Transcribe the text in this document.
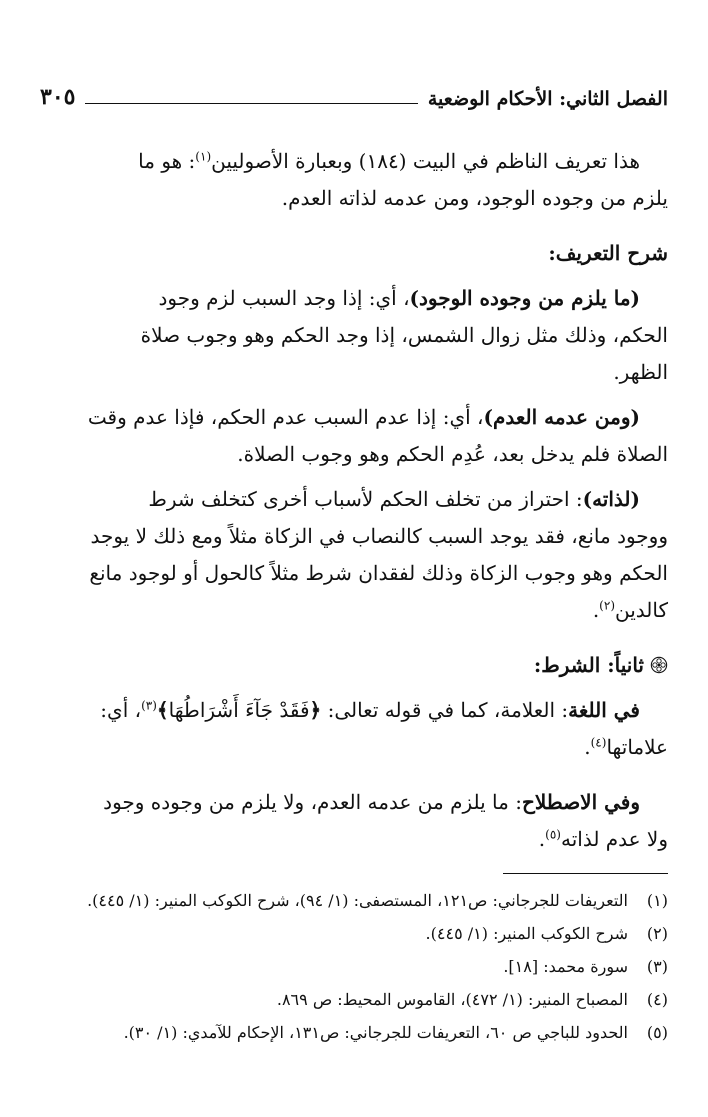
الفصل الثاني: الأحكام الوضعية
٣٠٥

هذا تعريف الناظم في البيت (١٨٤) وبعبارة الأصوليين$^{(١)}$: هو ما

يلزم من وجوده الوجود، ومن عدمه لذاته العدم.

شرح التعريف:

(ما يلزم من وجوده الوجود)، أي: إذا وجد السبب لزم وجود

الحكم، وذلك مثل زوال الشمس، إذا وجد الحكم وهو وجوب صلاة

الظهر.

(ومن عدمه العدم)، أي: إذا عدم السبب عدم الحكم، فإذا عدم وقت

الصلاة فلم يدخل بعد، عُدِم الحكم وهو وجوب الصلاة.

(لذاته): احتراز من تخلف الحكم لأسباب أخرى كتخلف شرط

ووجود مانع، فقد يوجد السبب كالنصاب في الزكاة مثلاً ومع ذلك لا يوجد

الحكم وهو وجوب الزكاة وذلك لفقدان شرط مثلاً كالحول أو لوجود مانع

كالدين$^{(٢)}$.

ثانياً: الشرط:

في اللغة: العلامة، كما في قوله تعالى: ﴿فَقَدْ جَآءَ أَشْرَاطُهَا﴾$^{(٣)}$، أي:

علاماتها$^{(٤)}$.

وفي الاصطلاح: ما يلزم من عدمه العدم، ولا يلزم من وجوده وجود

ولا عدم لذاته$^{(٥)}$.

(١)
التعريفات للجرجاني: ص١٢١، المستصفى: (١/ ٩٤)، شرح الكوكب المنير: (١/ ٤٤٥).

(٢)
شرح الكوكب المنير: (١/ ٤٤٥).

(٣)
سورة محمد: [١٨].

(٤)
المصباح المنير: (١/ ٤٧٢)، القاموس المحيط: ص ٨٦٩.

(٥)
الحدود للباجي ص ٦٠، التعريفات للجرجاني: ص١٣١، الإحكام للآمدي: (١/ ٣٠).
